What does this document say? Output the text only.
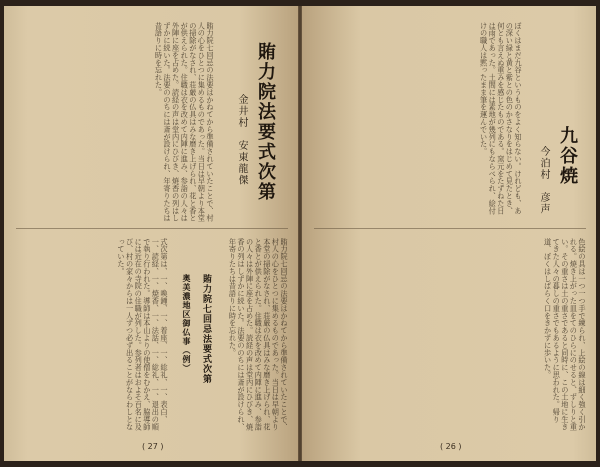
賄力院七回忌の法要はかねてから準備されていたことで、村人の心をひとつに集めるものであった。当日は早朝より本堂の掃除がなされ、荘厳の仏具はみな磨き上げられ、花と香とが供えられた。住職は衣を改めて内陣に進み、参詣の人々は外陣に座を占めた。読経の声は堂内にひびき、焼香の列はしずかに続いた。法要ののちには斎が設けられ、年寄りたちは昔語りに時を忘れた。	賄力院法要式次第
金井村　安東龍傑
式次第は、一、喚鐘、一、着座、一、総礼、一、表白、一、読経、一、焼香、一、法話、一、総礼、一、退出の順で執り行われた。導師は本山よりの使僧をむかえ、脇導師には近在の寺院の住職が列した。参列者はおよそ百名に及び、村の家々からは一人ずつ必ず出ることがならわしとなっていた。
賄力院七回忌法要式次第
奥美濃地区御仏事（例）	賄力院七回忌の法要はかねてから準備されていたことで、村人の心をひとつに集めるものであった。当日は早朝より本堂の掃除がなされ、荘厳の仏具はみな磨き上げられ、花と香とが供えられた。住職は衣を改めて内陣に進み、参詣の人々は外陣に座を占めた。読経の声は堂内にひびき、焼香の列はしずかに続いた。法要ののちには斎が設けられ、年寄りたちは昔語りに時を忘れた。
( 27 )
ぼくはまだ九谷というものをよく知らない。けれども、あの深い緑と黄と紫との色のかさなりをはじめて見たとき、何とも言えぬ重みを感じたものである。窯元をたずねた日は雨であった。土間には素地が幾列にもならべられ、絵付けの職人は黙ったまま筆を運んでいた。
九谷焼
今泊村　彦声
色絵の具は一つ一つ手で練られ、上絵の線は細く強く引かれる。焼き上がった皿をてのひらにのせると、ずしりと重い。その重さは土の重さであると同時に、この土地に生きてきた人々の暮しの重さでもあるように思われた。帰り道、ぼくはしばらく口をきかずに歩いた。
( 26 )
